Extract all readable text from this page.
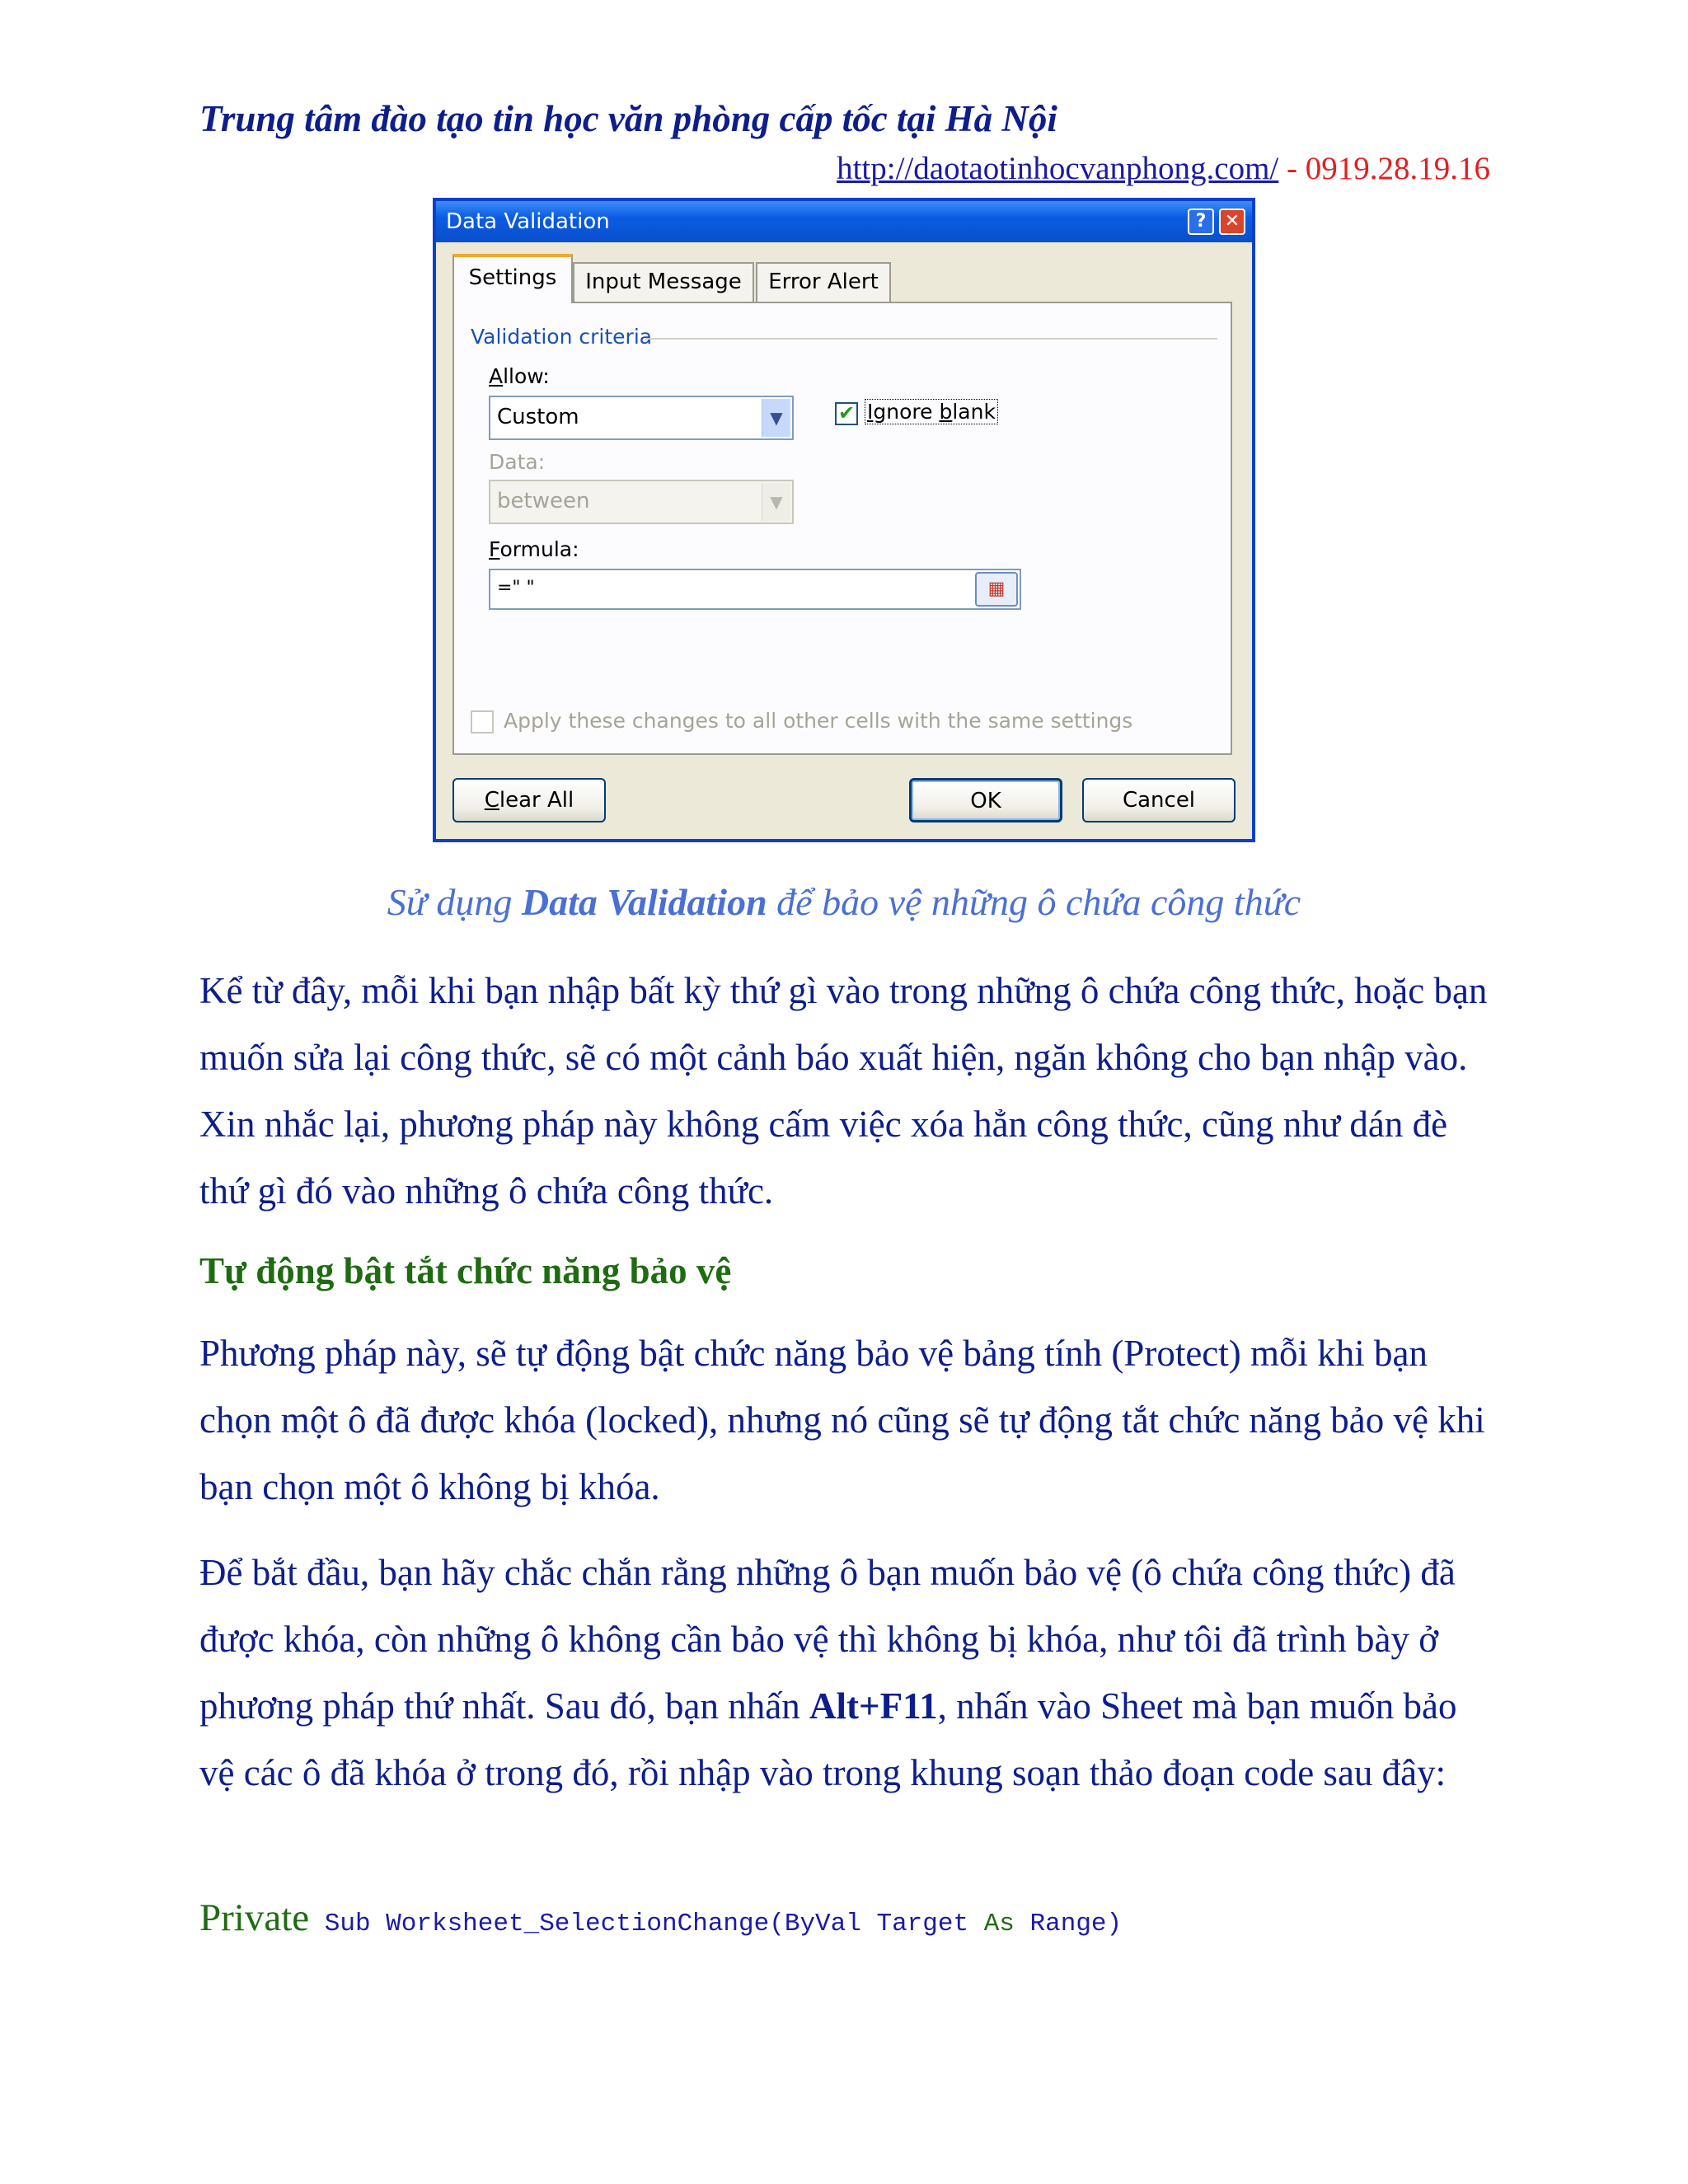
Trung tâm đào tạo tin học văn phòng cấp tốc tại Hà Nội
http://daotaotinhocvanphong.com/ - 0919.28.19.16
Data Validation	?	✕
Settings	Input Message	Error Alert
Validation criteria
Allow:
Custom	▼	✔ Ignore blank
Data:
between	▼
Formula:
=" "	▦
Apply these changes to all other cells with the same settings
Clear All	OK	Cancel
Sử dụng Data Validation để bảo vệ những ô chứa công thức

Kể từ đây, mỗi khi bạn nhập bất kỳ thứ gì vào trong những ô chứa công thức, hoặc bạn muốn sửa lại công thức, sẽ có một cảnh báo xuất hiện, ngăn không cho bạn nhập vào. Xin nhắc lại, phương pháp này không cấm việc xóa hẳn công thức, cũng như dán đè thứ gì đó vào những ô chứa công thức.

Tự động bật tắt chức năng bảo vệ

Phương pháp này, sẽ tự động bật chức năng bảo vệ bảng tính (Protect) mỗi khi bạn chọn một ô đã được khóa (locked), nhưng nó cũng sẽ tự động tắt chức năng bảo vệ khi bạn chọn một ô không bị khóa.

Để bắt đầu, bạn hãy chắc chắn rằng những ô bạn muốn bảo vệ (ô chứa công thức) đã được khóa, còn những ô không cần bảo vệ thì không bị khóa, như tôi đã trình bày ở phương pháp thứ nhất. Sau đó, bạn nhấn Alt+F11, nhấn vào Sheet mà bạn muốn bảo vệ các ô đã khóa ở trong đó, rồi nhập vào trong khung soạn thảo đoạn code sau đây:

Private Sub Worksheet_SelectionChange(ByVal Target As Range)
